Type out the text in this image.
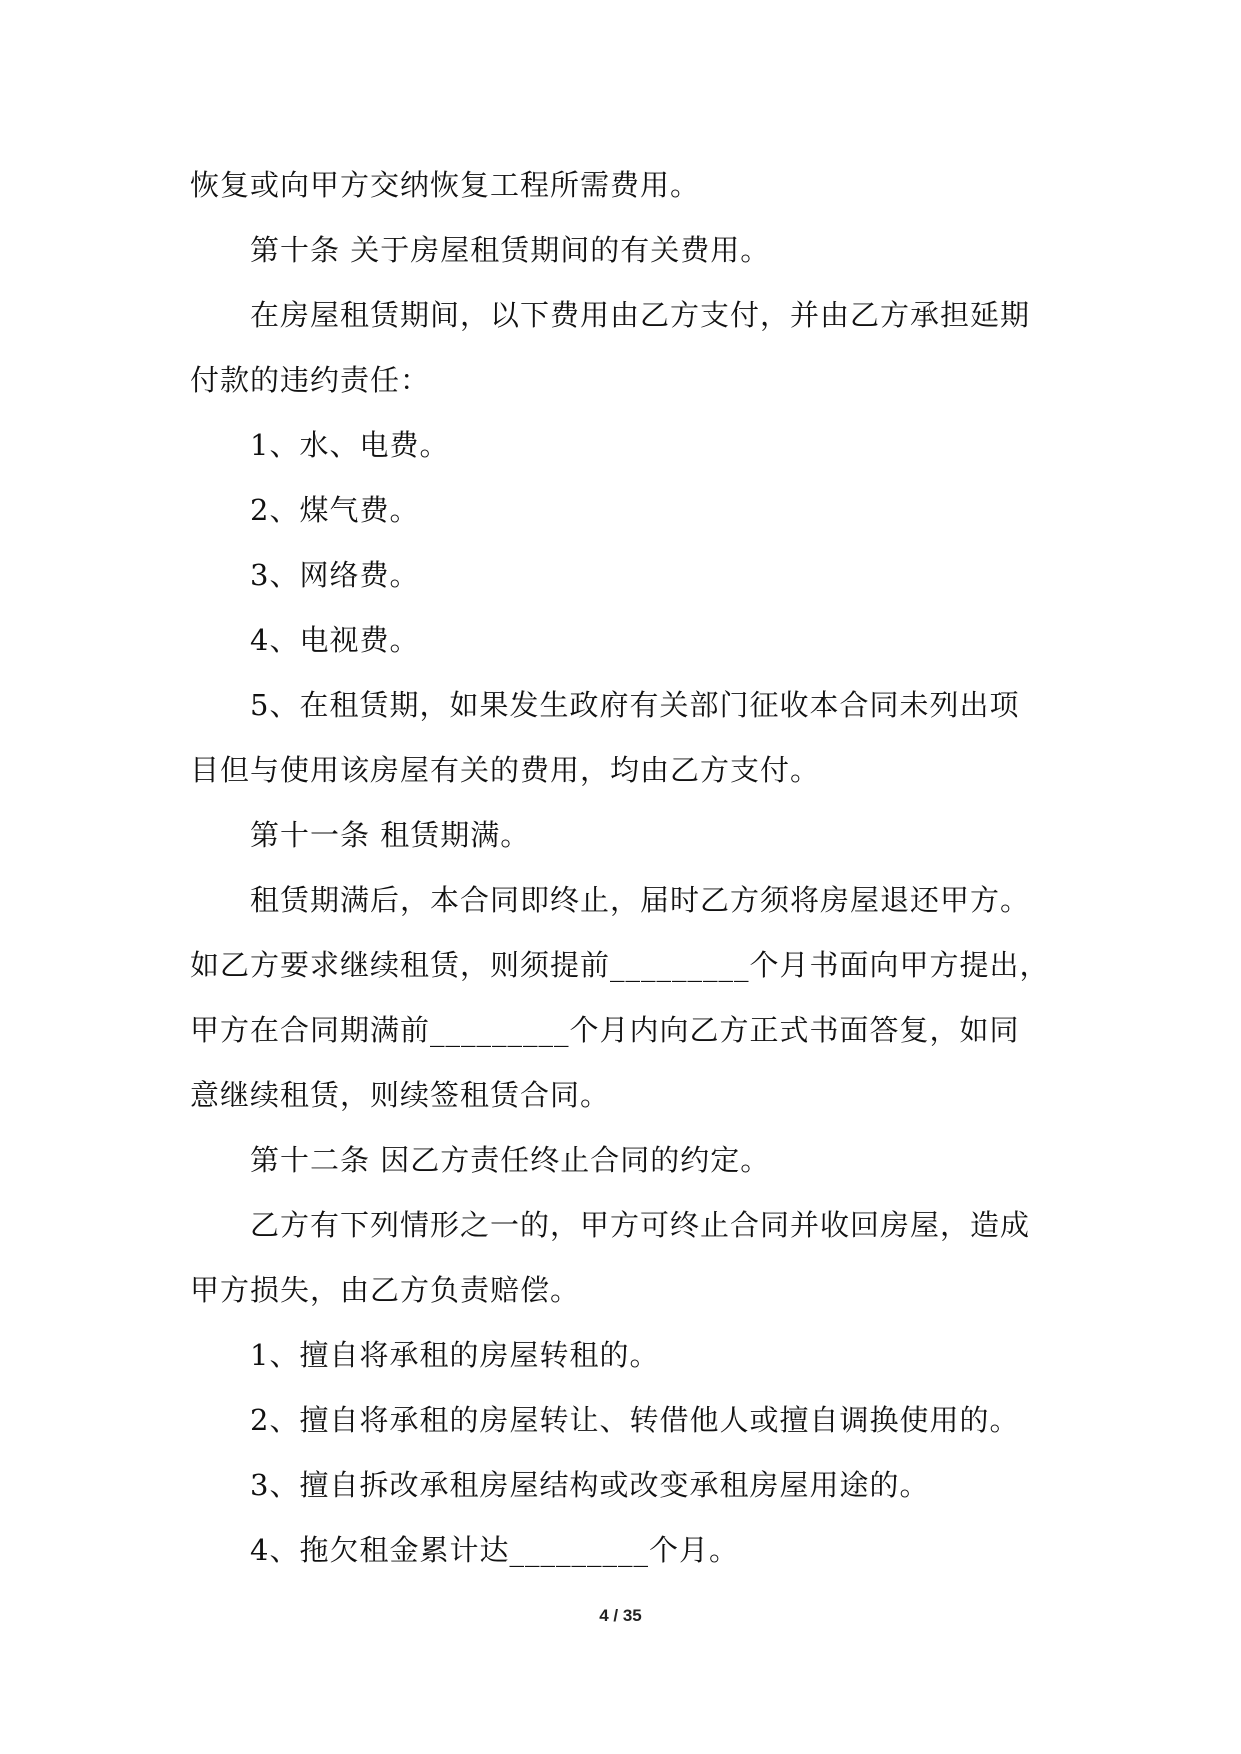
恢复或向甲方交纳恢复工程所需费用。

第十条 关于房屋租赁期间的有关费用。

在房屋租赁期间，以下费用由乙方支付，并由乙方承担延期

付款的违约责任：

1、水、电费。

2、煤气费。

3、网络费。

4、电视费。

5、在租赁期，如果发生政府有关部门征收本合同未列出项

目但与使用该房屋有关的费用，均由乙方支付。

第十一条 租赁期满。

租赁期满后，本合同即终止，届时乙方须将房屋退还甲方。

如乙方要求继续租赁，则须提前_________个月书面向甲方提出，

甲方在合同期满前_________个月内向乙方正式书面答复，如同

意继续租赁，则续签租赁合同。

第十二条 因乙方责任终止合同的约定。

乙方有下列情形之一的，甲方可终止合同并收回房屋，造成

甲方损失，由乙方负责赔偿。

1、擅自将承租的房屋转租的。

2、擅自将承租的房屋转让、转借他人或擅自调换使用的。

3、擅自拆改承租房屋结构或改变承租房屋用途的。

4、拖欠租金累计达_________个月。

4 / 35
